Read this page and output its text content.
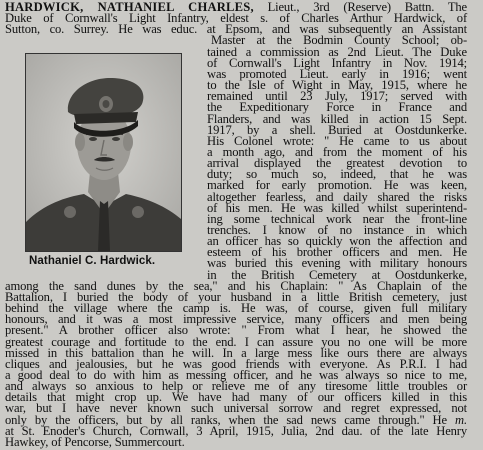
Nathaniel C. Hardwick.
HARDWICK, NATHANIEL CHARLES, Lieut., 3rd (Reserve) Battn. The
Duke of Cornwall's Light Infantry, eldest s. of Charles Arthur Hardwick, of
Sutton, co. Surrey. He was educ. at Epsom, and was subsequently an Assistant
Master at the Bodmin County School; ob-
tained a commission as 2nd Lieut. The Duke
of Cornwall's Light Infantry in Nov. 1914;
was promoted Lieut. early in 1916; went
to the Isle of Wight in May, 1915, where he
remained until 23 July, 1917; served with
the Expeditionary Force in France and
Flanders, and was killed in action 15 Sept.
1917, by a shell. Buried at Oostdunkerke.
His Colonel wrote: " He came to us about
a month ago, and from the moment of his
arrival displayed the greatest devotion to
duty; so much so, indeed, that he was
marked for early promotion. He was keen,
altogether fearless, and daily shared the risks
of his men. He was killed whilst superintend-
ing some technical work near the front-line
trenches. I know of no instance in which
an officer has so quickly won the affection and
esteem of his brother officers and men. He
was buried this evening with military honours
in the British Cemetery at Oostdunkerke,
among the sand dunes by the sea," and his Chaplain: " As Chaplain of the
Battalion, I buried the body of your husband in a little British cemetery, just
behind the village where the camp is. He was, of course, given full military
honours, and it was a most impressive service, many officers and men being
present." A brother officer also wrote: " From what I hear, he showed the
greatest courage and fortitude to the end. I can assure you no one will be more
missed in this battalion than he will. In a large mess like ours there are always
cliques and jealousies, but he was good friends with everyone. As P.R.I. I had
a good deal to do with him as messing officer, and he was always so nice to me,
and always so anxious to help or relieve me of any tiresome little troubles or
details that might crop up. We have had many of our officers killed in this
war, but I have never known such universal sorrow and regret expressed, not
only by the officers, but by all ranks, when the sad news came through." He m.
at St. Enoder's Church, Cornwall, 3 April, 1915, Julia, 2nd dau. of the late Henry
Hawkey, of Pencorse, Summercourt.
